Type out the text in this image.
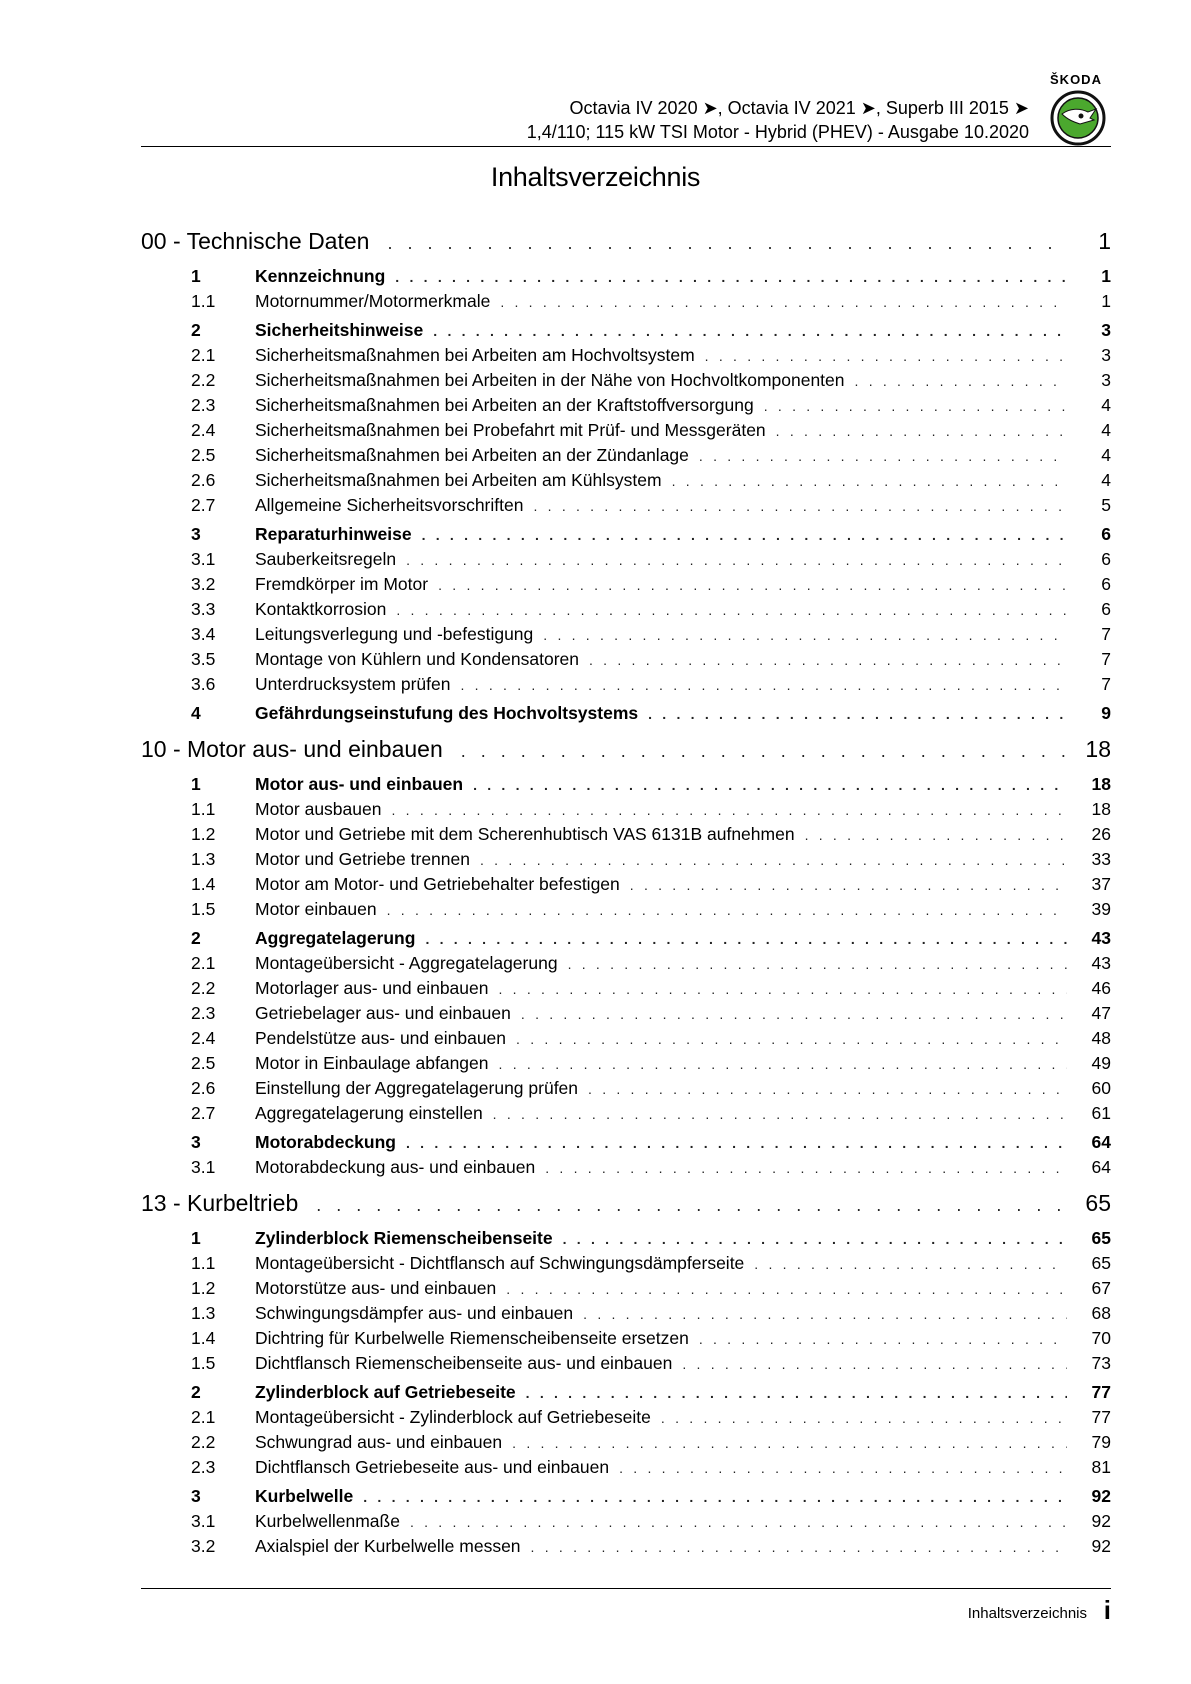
ŠKODA
Octavia IV 2020 ➤, Octavia IV 2021 ➤, Superb III 2015 ➤
1,4/110; 115 kW TSI Motor - Hybrid (PHEV) - Ausgabe 10.2020
Inhaltsverzeichnis
00 - Technische Daten . . .	1
1	Kennzeichnung . . .	1
1.1	Motornummer/Motormerkmale . . .	1
2	Sicherheitshinweise . . .	3
2.1	Sicherheitsmaßnahmen bei Arbeiten am Hochvoltsystem . . .	3
2.2	Sicherheitsmaßnahmen bei Arbeiten in der Nähe von Hochvoltkomponenten . . .	3
2.3	Sicherheitsmaßnahmen bei Arbeiten an der Kraftstoffversorgung . . .	4
2.4	Sicherheitsmaßnahmen bei Probefahrt mit Prüf- und Messgeräten . . .	4
2.5	Sicherheitsmaßnahmen bei Arbeiten an der Zündanlage . . .	4
2.6	Sicherheitsmaßnahmen bei Arbeiten am Kühlsystem . . .	4
2.7	Allgemeine Sicherheitsvorschriften . . .	5
3	Reparaturhinweise . . .	6
3.1	Sauberkeitsregeln . . .	6
3.2	Fremdkörper im Motor . . .	6
3.3	Kontaktkorrosion . . .	6
3.4	Leitungsverlegung und -befestigung . . .	7
3.5	Montage von Kühlern und Kondensatoren . . .	7
3.6	Unterdrucksystem prüfen . . .	7
4	Gefährdungseinstufung des Hochvoltsystems . . .	9
10 - Motor aus- und einbauen . . .	18
1	Motor aus- und einbauen . . .	18
1.1	Motor ausbauen . . .	18
1.2	Motor und Getriebe mit dem Scherenhubtisch VAS 6131B aufnehmen . . .	26
1.3	Motor und Getriebe trennen . . .	33
1.4	Motor am Motor- und Getriebehalter befestigen . . .	37
1.5	Motor einbauen . . .	39
2	Aggregatelagerung . . .	43
2.1	Montageübersicht - Aggregatelagerung . . .	43
2.2	Motorlager aus- und einbauen . . .	46
2.3	Getriebelager aus- und einbauen . . .	47
2.4	Pendelstütze aus- und einbauen . . .	48
2.5	Motor in Einbaulage abfangen . . .	49
2.6	Einstellung der Aggregatelagerung prüfen . . .	60
2.7	Aggregatelagerung einstellen . . .	61
3	Motorabdeckung . . .	64
3.1	Motorabdeckung aus- und einbauen . . .	64
13 - Kurbeltrieb . . .	65
1	Zylinderblock Riemenscheibenseite . . .	65
1.1	Montageübersicht - Dichtflansch auf Schwingungsdämpferseite . . .	65
1.2	Motorstütze aus- und einbauen . . .	67
1.3	Schwingungsdämpfer aus- und einbauen . . .	68
1.4	Dichtring für Kurbelwelle Riemenscheibenseite ersetzen . . .	70
1.5	Dichtflansch Riemenscheibenseite aus- und einbauen . . .	73
2	Zylinderblock auf Getriebeseite . . .	77
2.1	Montageübersicht - Zylinderblock auf Getriebeseite . . .	77
2.2	Schwungrad aus- und einbauen . . .	79
2.3	Dichtflansch Getriebeseite aus- und einbauen . . .	81
3	Kurbelwelle . . .	92
3.1	Kurbelwellenmaße . . .	92
3.2	Axialspiel der Kurbelwelle messen . . .	92
Inhaltsverzeichnis i
